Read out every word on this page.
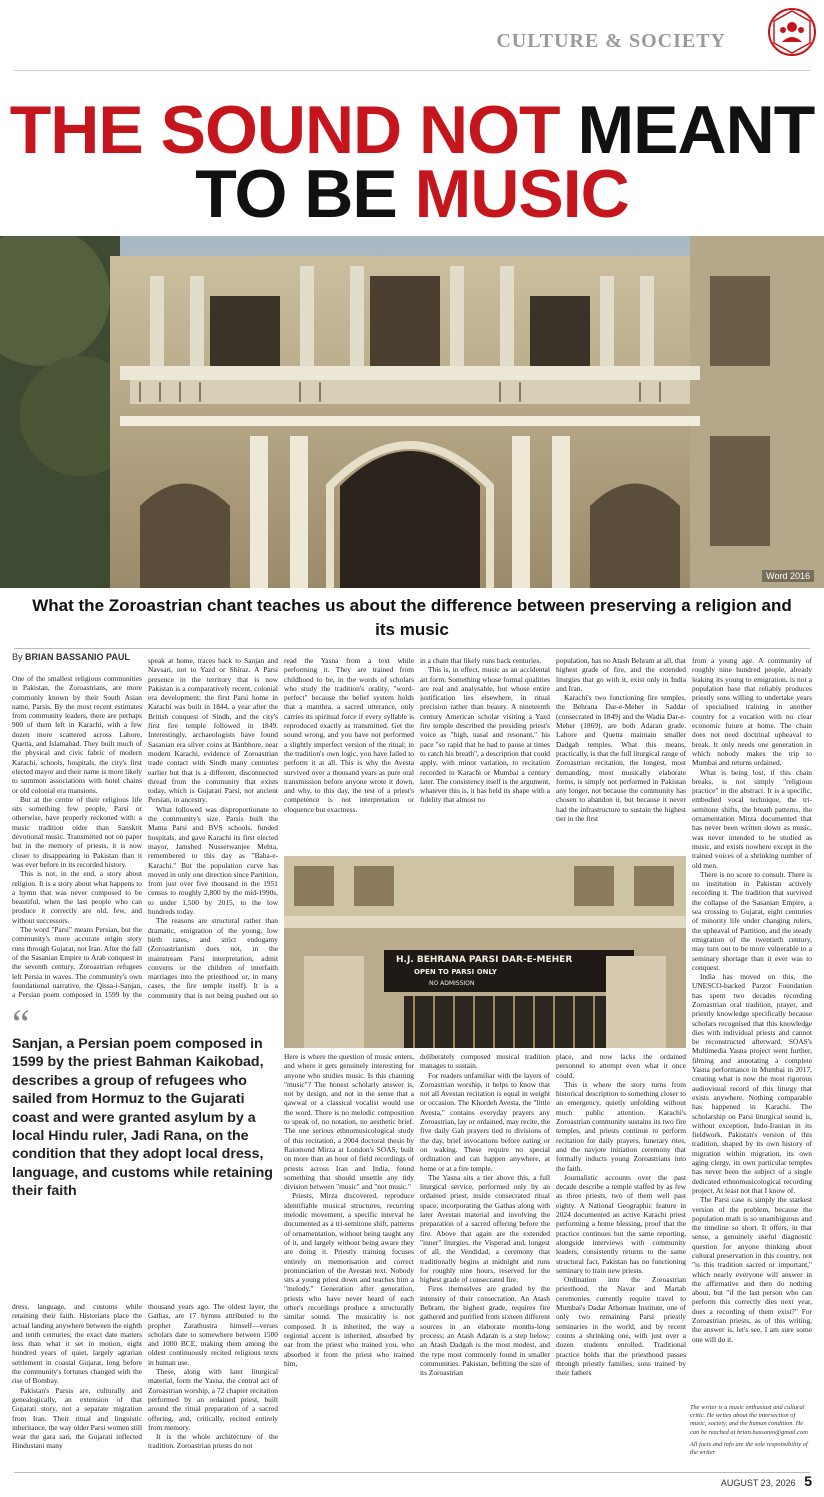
CULTURE & SOCIETY
THE SOUND NOT MEANT
TO BE MUSIC
Word 2016
What the Zoroastrian chant teaches us about the difference between preserving a religion and its music
By BRIAN BASSANIO PAUL

One of the smallest religious communities in Pakistan, the Zoroastrians, are more commonly known by their South Asian name, Parsis. By the most recent estimates from community leaders, there are perhaps 900 of them left in Karachi, with a few dozen more scattered across Lahore, Quetta, and Islamabad. They built much of the physical and civic fabric of modern Karachi, schools, hospitals, the city's first elected mayor and their name is more likely to summon associations with hotel chains or old colonial era mansions.

But at the centre of their religious life sits something few people, Parsi or otherwise, have properly reckoned with: a music tradition older than Sanskrit devotional music. Transmitted not on paper but in the memory of priests, it is now closer to disappearing in Pakistan than it was ever before in its recorded history.

This is not, in the end, a story about religion. It is a story about what happens to a hymn that was never composed to be beautiful, when the last people who can produce it correctly are old, few, and without successors.

The word "Parsi" means Persian, but the community's more accurate origin story runs through Gujarat, not Iran. After the fall of the Sasanian Empire to Arab conquest in the seventh century, Zoroastrian refugees left Persia in waves. The community's own foundational narrative, the Qissa-i-Sanjan, a Persian poem composed in 1599 by the

speak at home, traces back to Sanjan and Navsari, not to Yazd or Shiraz. A Parsi presence in the territory that is now Pakistan is a comparatively recent, colonial era development; the first Parsi home in Karachi was built in 1844, a year after the British conquest of Sindh, and the city's first fire temple followed in 1849. Interestingly, archaeologists have found Sasanian era silver coins at Banbhore, near modern Karachi, evidence of Zoroastrian trade contact with Sindh many centuries earlier but that is a different, disconnected thread from the community that exists today, which is Gujarati Parsi, not ancient Persian, in ancestry.

What followed was disproportionate to the community's size. Parsis built the Mama Parsi and BVS schools, funded hospitals, and gave Karachi its first elected mayor, Jamshed Nusserwanjee Mehta, remembered to this day as "Baba-e-Karachi." But the population curve has moved in only one direction since Partition, from just over five thousand in the 1951 census to roughly 2,800 by the mid-1990s, to under 1,500 by 2015, to the low hundreds today.

The reasons are structural rather than dramatic, emigration of the young, low birth rates, and strict endogamy (Zoroastrianism does not, in the mainstream Parsi interpretation, admit converts or the children of interfaith marriages into the priesthood or, in many cases, the fire temple itself). It is a community that is not being pushed out so

“
Sanjan, a Persian poem composed in 1599 by the priest Bahman Kaikobad, describes a group of refugees who sailed from Hormuz to the Gujarati coast and were granted asylum by a local Hindu ruler, Jadi Rana, on the condition that they adopt local dress, language, and customs while retaining their faith

dress, language, and customs while retaining their faith. Historians place the actual landing anywhere between the eighth and tenth centuries; the exact date matters less than what it set in motion, eight hundred years of quiet, largely agrarian settlement in coastal Gujarat, long before the community's fortunes changed with the rise of Bombay.

Pakistan's Parsis are, culturally and genealogically, an extension of that Gujarati story, not a separate migration from Iran. Their ritual and linguistic inheritance, the way older Parsi women still wear the gara sari, the Gujarati inflected Hindustani many

thousand years ago. The oldest layer, the Gathas, are 17 hymns attributed to the prophet Zarathustra himself—verses scholars date to somewhere between 1500 and 1000 BCE, making them among the oldest continuously recited religious texts in human use.

These, along with later liturgical material, form the Yasna, the central act of Zoroastrian worship, a 72 chapter recitation performed by an ordained priest, built around the ritual preparation of a sacred offering, and, critically, recited entirely from memory.

It is the whole architecture of the tradition. Zoroastrian priests do not

read the Yasna from a text while performing it. They are trained from childhood to be, in the words of scholars who study the tradition's orality, "word-perfect" because the belief system holds that a manthra, a sacred utterance, only carries its spiritual force if every syllable is reproduced exactly as transmitted. Get the sound wrong, and you have not performed a slightly imperfect version of the ritual; in the tradition's own logic, you have failed to perform it at all. This is why the Avesta survived over a thousand years as pure oral transmission before anyone wrote it down, and why, to this day, the test of a priest's competence is not interpretation or eloquence but exactness.

in a chain that likely runs back centuries.

This is, in effect, music as an accidental art form. Something whose formal qualities are real and analysable, but whose entire justification lies elsewhere, in ritual precision rather than beauty. A nineteenth century American scholar visiting a Yazd fire temple described the presiding priest's voice as "high, nasal and resonant," his pace "so rapid that he had to pause at times to catch his breath", a description that could apply, with minor variation, to recitation recorded in Karachi or Mumbai a century later. The consistency itself is the argument, whatever this is, it has held its shape with a fidelity that almost no

population, has no Atash Behram at all, that highest grade of fire, and the extended liturgies that go with it, exist only in India and Iran.

Karachi's two functioning fire temples, the Behrana Dar-e-Meher in Saddar (consecrated in 1849) and the Wadia Dar-e-Meher (1869), are both Adaran grade. Lahore and Quetta maintain smaller Dadgah temples. What this means, practically, is that the full liturgical range of Zoroastrian recitation, the longest, most demanding, most musically elaborate forms, is simply not performed in Pakistan any longer, not because the community has chosen to abandon it, but because it never had the infrastructure to sustain the highest tier in the first

from a young age. A community of roughly nine hundred people, already leaking its young to emigration, is not a population base that reliably produces priestly sons willing to undertake years of specialised training in another country for a vocation with no clear economic future at home. The chain does not need doctrinal upheaval to break. It only needs one generation in which nobody makes the trip to Mumbai and returns ordained.

What is being lost, if this chain breaks, is not simply "religious practice" in the abstract. It is a specific, embodied vocal technique, the tri-semitone shifts, the breath patterns, the ornamentation Mirza documented that has never been written down as music, was never intended to be studied as music, and exists nowhere except in the trained voices of a shrinking number of old men.

There is no score to consult. There is no institution in Pakistan actively recording it. The tradition that survived the collapse of the Sasanian Empire, a sea crossing to Gujarat, eight centuries of minority life under changing rulers, the upheaval of Partition, and the steady emigration of the twentieth century, may turn out to be more vulnerable to a seminary shortage than it ever was to conquest.

India has moved on this, the UNESCO-backed Parzor Foundation has spent two decades recording Zoroastrian oral tradition, prayer, and priestly knowledge specifically because scholars recognised that this knowledge dies with individual priests and cannot be reconstructed afterward. SOAS's Multimedia Yasna project went further, filming and annotating a complete Yasna performance in Mumbai in 2017, creating what is now the most rigorous audiovisual record of this liturgy that exists anywhere. Nothing comparable has happened in Karachi. The scholarship on Parsi liturgical sound is, without exception, Indo-Iranian in its fieldwork. Pakistan's version of this tradition, shaped by its own history of migration within migration, its own aging clergy, its own particular temples has never been the subject of a single dedicated ethnomusicological recording project. At least not that I know of.

The Parsi case is simply the starkest version of the problem, because the population math is so unambiguous and the timeline so short. It offers, in that sense, a genuinely useful diagnostic question for anyone thinking about cultural preservation in this country, not "is this tradition sacred or important," which nearly everyone will answer in the affirmative and then do nothing about, but "if the last person who can perform this correctly dies next year, does a recording of them exist?" For Zoroastrian priests, as of this writing, the answer is, let's see, I am sure some one will do it.

H.J. BEHRANA PARSI DAR-E-MEHER
OPEN TO PARSI ONLY
NO ADMISSION

Here is where the question of music enters, and where it gets genuinely interesting for anyone who studies music. Is this chanting "music"? The honest scholarly answer is, not by design, and not in the sense that a qawwal or a classical vocalist would use the word. There is no melodic composition to speak of, no notation, no aesthetic brief. The one serious ethnomusicological study of this recitation, a 2004 doctoral thesis by Raiomond Mirza at London's SOAS, built on more than an hour of field recordings of priests across Iran and India, found something that should unsettle any tidy division between "music" and "not music."

Priests, Mirza discovered, reproduce identifiable musical structures, recurring melodic movement, a specific interval he documented as a tri-semitone shift, patterns of ornamentation, without being taught any of it, and largely without being aware they are doing it. Priestly training focuses entirely on memorisation and correct pronunciation of the Avestan text. Nobody sits a young priest down and teaches him a "melody." Generation after generation, priests who have never heard of each other's recordings produce a structurally similar sound. The musicality is not composed. It is inherited, the way a regional accent is inherited, absorbed by ear from the priest who trained you, who absorbed it from the priest who trained him,

deliberately composed musical tradition manages to sustain.

For readers unfamiliar with the layers of Zoroastrian worship, it helps to know that not all Avestan recitation is equal in weight or occasion. The Khordeh Avesta, the "little Avesta," contains everyday prayers any Zoroastrian, lay or ordained, may recite, the five daily Gah prayers tied to divisions of the day, brief invocations before eating or on waking. These require no special ordination and can happen anywhere, at home or at a fire temple.

The Yasna sits a tier above this, a full liturgical service, performed only by an ordained priest, inside consecrated ritual space, incorporating the Gathas along with later Avestan material and involving the preparation of a sacred offering before the fire. Above that again are the extended "inner" liturgies, the Visperad and, longest of all, the Vendidad, a ceremony that traditionally begins at midnight and runs for roughly nine hours, reserved for the highest grade of consecrated fire.

Fires themselves are graded by the intensity of their consecration. An Atash Behram, the highest grade, requires fire gathered and purified from sixteen different sources in an elaborate months-long process; an Atash Adaran is a step below; an Atash Dadgah is the most modest, and the type most commonly found in smaller communities. Pakistan, befitting the size of its Zoroastrian

place, and now lacks the ordained personnel to attempt even what it once could.

This is where the story turns from historical description to something closer to an emergency, quietly unfolding without much public attention. Karachi's Zoroastrian community sustains its two fire temples, and priests continue to perform recitation for daily prayers, funerary rites, and the navjote initiation ceremony that formally inducts young Zoroastrians into the faith.

Journalistic accounts over the past decade describe a temple staffed by as few as three priests, two of them well past eighty. A National Geographic feature in 2024 documented an active Karachi priest performing a home blessing, proof that the practice continues but the same reporting, alongside interviews with community leaders, consistently returns to the same structural fact, Pakistan has no functioning seminary to train new priests.

Ordination into the Zoroastrian priesthood, the Navar and Martab ceremonies currently require travel to Mumbai's Dadar Athornan Institute, one of only two remaining Parsi priestly seminaries in the world, and by recent counts a shrinking one, with just over a dozen students enrolled. Traditional practice holds that the priesthood passes through priestly families, sons trained by their fathers

The writer is a music enthusiast and cultural critic. He writes about the intersection of music, society, and the human condition. He can be reached at brian.bassanio@gmail.com
All facts and info are the sole responsibility of the writer
AUGUST 23, 2026 5
